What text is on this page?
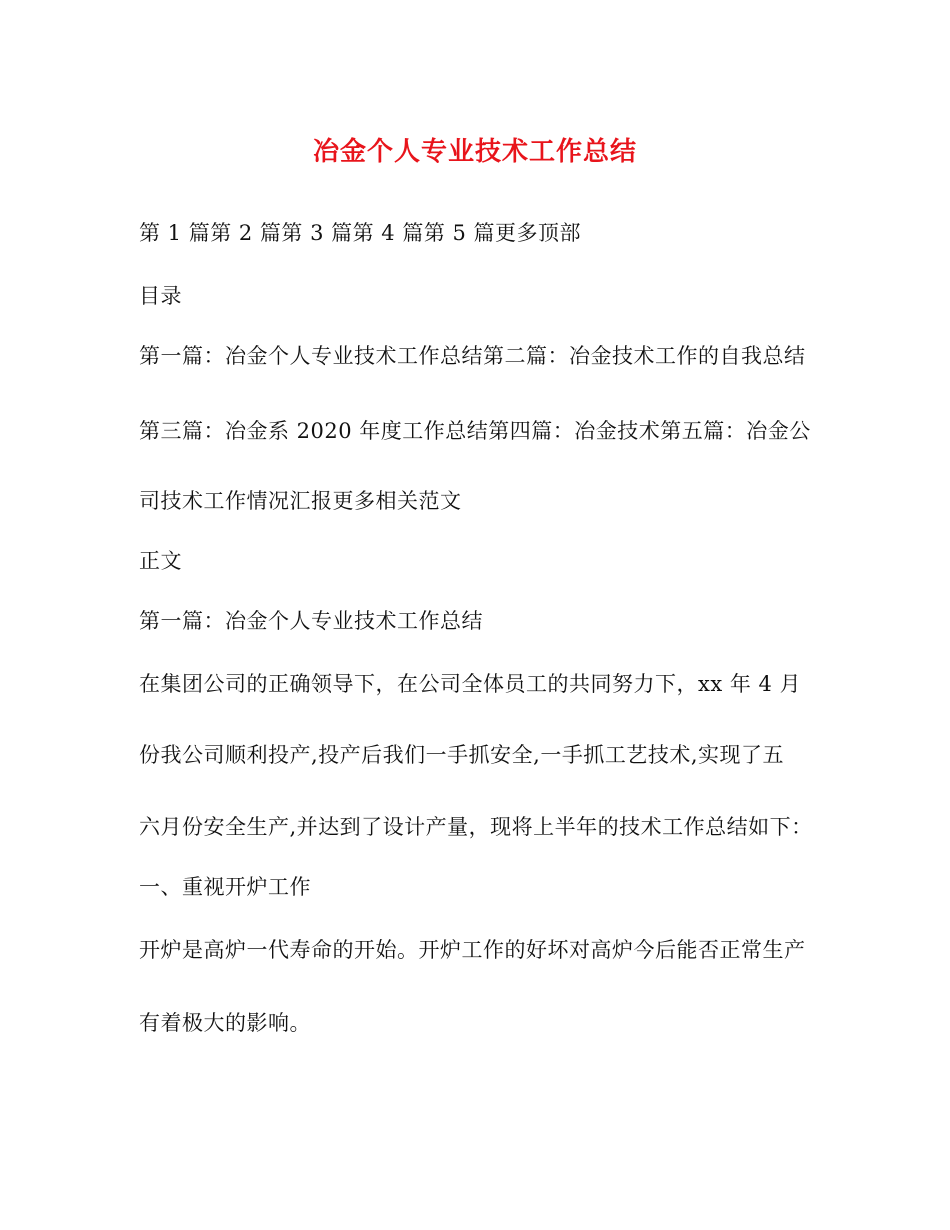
冶金个人专业技术工作总结
第 1 篇第 2 篇第 3 篇第 4 篇第 5 篇更多顶部
目录
第一篇：冶金个人专业技术工作总结第二篇：冶金技术工作的自我总结
第三篇：冶金系 2020 年度工作总结第四篇：冶金技术第五篇：冶金公
司技术工作情况汇报更多相关范文
正文
第一篇：冶金个人专业技术工作总结
在集团公司的正确领导下，在公司全体员工的共同努力下，xx 年 4 月
份我公司顺利投产,投产后我们一手抓安全,一手抓工艺技术,实现了五
六月份安全生产,并达到了设计产量，现将上半年的技术工作总结如下：
一、重视开炉工作
开炉是高炉一代寿命的开始。开炉工作的好坏对高炉今后能否正常生产
有着极大的影响。
